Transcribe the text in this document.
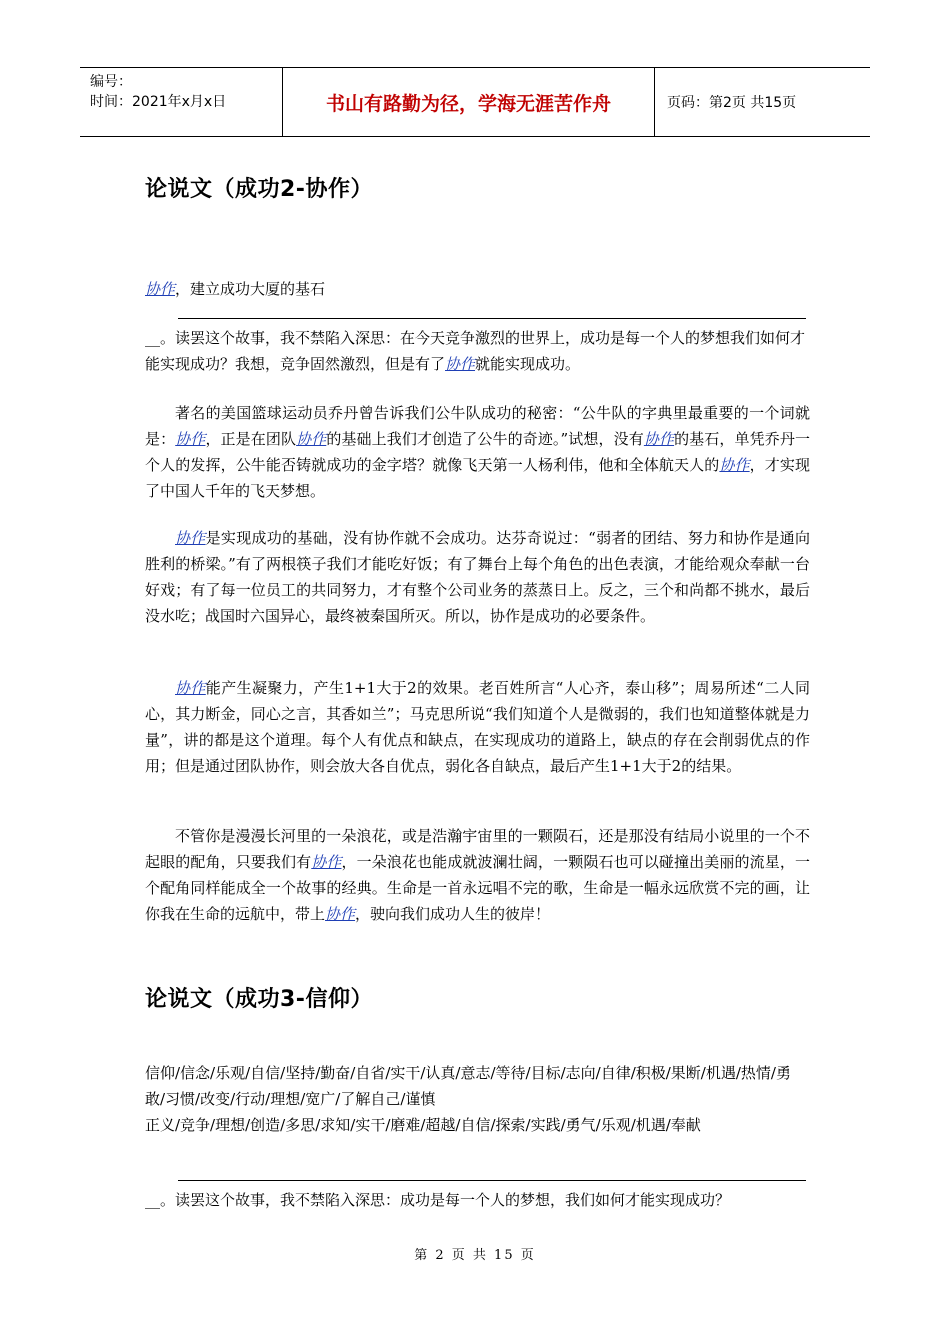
编号：
时间：2021年x月x日	书山有路勤为径，学海无涯苦作舟	页码：第2页 共15页
论说文（成功2-协作）
协作，建立成功大厦的基石
__。读罢这个故事，我不禁陷入深思：在今天竞争激烈的世界上，成功是每一个人的梦想我们如何才能实现成功？我想，竞争固然激烈，但是有了协作就能实现成功。
著名的美国篮球运动员乔丹曾告诉我们公牛队成功的秘密：“公牛队的字典里最重要的一个词就是：协作，正是在团队协作的基础上我们才创造了公牛的奇迹。”试想，没有协作的基石，单凭乔丹一个人的发挥，公牛能否铸就成功的金字塔？就像飞天第一人杨利伟，他和全体航天人的协作，才实现了中国人千年的飞天梦想。
协作是实现成功的基础，没有协作就不会成功。达芬奇说过：“弱者的团结、努力和协作是通向胜利的桥梁。”有了两根筷子我们才能吃好饭；有了舞台上每个角色的出色表演，才能给观众奉献一台好戏；有了每一位员工的共同努力，才有整个公司业务的蒸蒸日上。反之，三个和尚都不挑水，最后没水吃；战国时六国异心，最终被秦国所灭。所以，协作是成功的必要条件。
协作能产生凝聚力，产生1+1大于2的效果。老百姓所言“人心齐，泰山移”；周易所述“二人同心，其力断金，同心之言，其香如兰”；马克思所说“我们知道个人是微弱的，我们也知道整体就是力量”，讲的都是这个道理。每个人有优点和缺点，在实现成功的道路上，缺点的存在会削弱优点的作用；但是通过团队协作，则会放大各自优点，弱化各自缺点，最后产生1+1大于2的结果。
不管你是漫漫长河里的一朵浪花，或是浩瀚宇宙里的一颗陨石，还是那没有结局小说里的一个不起眼的配角，只要我们有协作，一朵浪花也能成就波澜壮阔，一颗陨石也可以碰撞出美丽的流星，一个配角同样能成全一个故事的经典。生命是一首永远唱不完的歌，生命是一幅永远欣赏不完的画，让你我在生命的远航中，带上协作，驶向我们成功人生的彼岸！
论说文（成功3-信仰）
信仰/信念/乐观/自信/坚持/勤奋/自省/实干/认真/意志/等待/目标/志向/自律/积极/果断/机遇/热情/勇敢/习惯/改变/行动/理想/宽广/了解自己/谨慎
正义/竞争/理想/创造/多思/求知/实干/磨难/超越/自信/探索/实践/勇气/乐观/机遇/奉献
__。读罢这个故事，我不禁陷入深思：成功是每一个人的梦想，我们如何才能实现成功？
第 2 页 共 15 页
